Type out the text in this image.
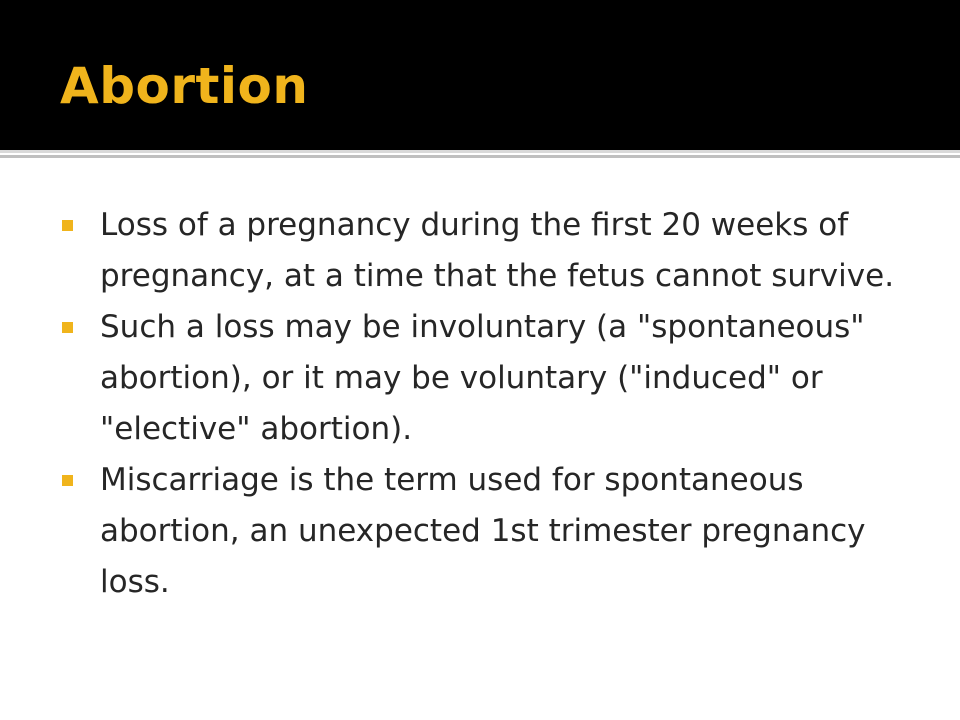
Abortion
Loss of a pregnancy during the first 20 weeks of pregnancy, at a time that the fetus cannot survive.
Such a loss may be involuntary (a "spontaneous" abortion), or it may be voluntary ("induced" or "elective" abortion).
Miscarriage is the term used for spontaneous abortion, an unexpected 1st trimester pregnancy loss.
